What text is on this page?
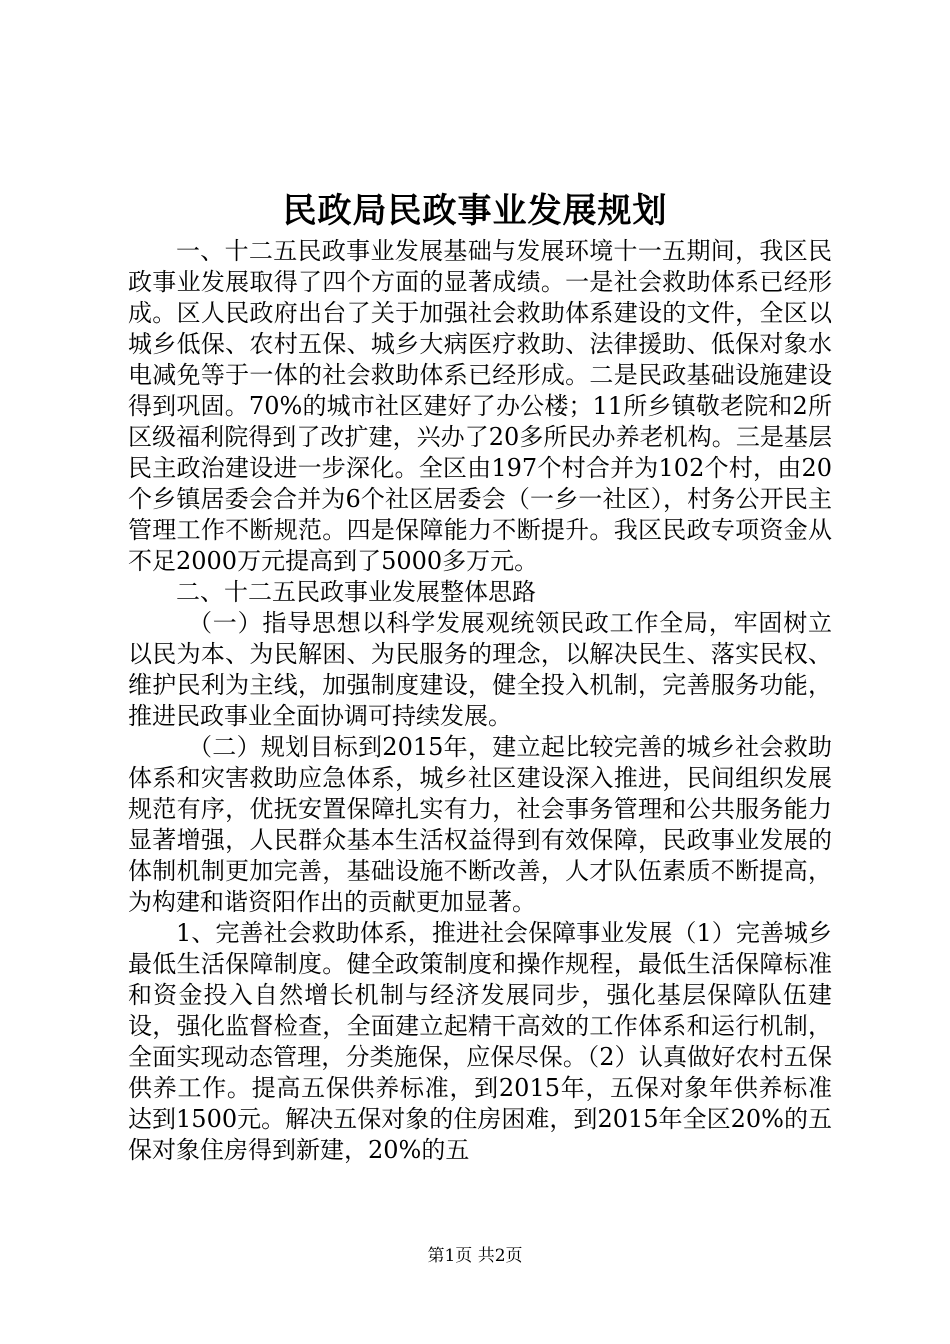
民政局民政事业发展规划

一、十二五民政事业发展基础与发展环境十一五期间，我区民政事业发展取得了四个方面的显著成绩。一是社会救助体系已经形成。区人民政府出台了关于加强社会救助体系建设的文件，全区以城乡低保、农村五保、城乡大病医疗救助、法律援助、低保对象水电减免等于一体的社会救助体系已经形成。二是民政基础设施建设得到巩固。70%的城市社区建好了办公楼；11所乡镇敬老院和2所区级福利院得到了改扩建，兴办了20多所民办养老机构。三是基层民主政治建设进一步深化。全区由197个村合并为102个村，由20个乡镇居委会合并为6个社区居委会（一乡一社区），村务公开民主管理工作不断规范。四是保障能力不断提升。我区民政专项资金从不足2000万元提高到了5000多万元。

二、十二五民政事业发展整体思路

（一）指导思想以科学发展观统领民政工作全局，牢固树立以民为本、为民解困、为民服务的理念，以解决民生、落实民权、维护民利为主线，加强制度建设，健全投入机制，完善服务功能，推进民政事业全面协调可持续发展。

（二）规划目标到2015年，建立起比较完善的城乡社会救助体系和灾害救助应急体系，城乡社区建设深入推进，民间组织发展规范有序，优抚安置保障扎实有力，社会事务管理和公共服务能力显著增强，人民群众基本生活权益得到有效保障，民政事业发展的体制机制更加完善，基础设施不断改善，人才队伍素质不断提高，为构建和谐资阳作出的贡献更加显著。

1、完善社会救助体系，推进社会保障事业发展（1）完善城乡最低生活保障制度。健全政策制度和操作规程，最低生活保障标准和资金投入自然增长机制与经济发展同步，强化基层保障队伍建设，强化监督检查，全面建立起精干高效的工作体系和运行机制，全面实现动态管理，分类施保，应保尽保。（2）认真做好农村五保供养工作。提高五保供养标准，到2015年，五保对象年供养标准达到1500元。解决五保对象的住房困难，到2015年全区20%的五保对象住房得到新建，20%的五

第1页 共2页
